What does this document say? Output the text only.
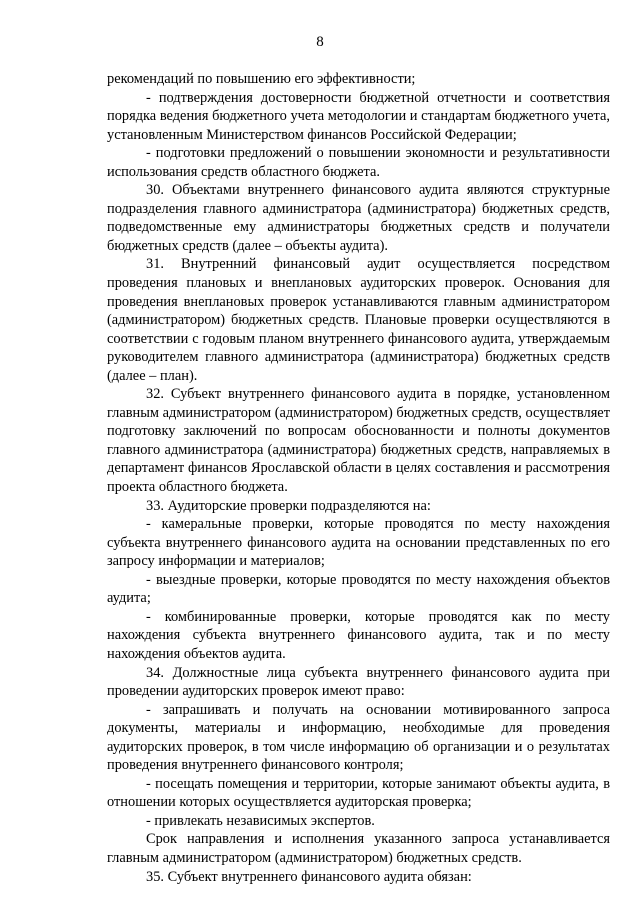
8

рекомендаций по повышению его эффективности;

- подтверждения достоверности бюджетной отчетности и соответствия порядка ведения бюджетного учета методологии и стандартам бюджетного учета, установленным Министерством финансов Российской Федерации;

- подготовки предложений о повышении экономности и результативности использования средств областного бюджета.

30. Объектами внутреннего финансового аудита являются структурные подразделения главного администратора (администратора) бюджетных средств, подведомственные ему администраторы бюджетных средств и получатели бюджетных средств (далее – объекты аудита).

31. Внутренний финансовый аудит осуществляется посредством проведения плановых и внеплановых аудиторских проверок. Основания для проведения внеплановых проверок устанавливаются главным администратором (администратором) бюджетных средств. Плановые проверки осуществляются в соответствии с годовым планом внутреннего финансового аудита, утверждаемым руководителем главного администратора (администратора) бюджетных средств (далее – план).

32. Субъект внутреннего финансового аудита в порядке, установленном главным администратором (администратором) бюджетных средств, осуществляет подготовку заключений по вопросам обоснованности и полноты документов главного администратора (администратора) бюджетных средств, направляемых в департамент финансов Ярославской области в целях составления и рассмотрения проекта областного бюджета.

33. Аудиторские проверки подразделяются на:

- камеральные проверки, которые проводятся по месту нахождения субъекта внутреннего финансового аудита на основании представленных по его запросу информации и материалов;

- выездные проверки, которые проводятся по месту нахождения объектов аудита;

- комбинированные проверки, которые проводятся как по месту нахождения субъекта внутреннего финансового аудита, так и по месту нахождения объектов аудита.

34. Должностные лица субъекта внутреннего финансового аудита при проведении аудиторских проверок имеют право:

- запрашивать и получать на основании мотивированного запроса документы, материалы и информацию, необходимые для проведения аудиторских проверок, в том числе информацию об организации и о результатах проведения внутреннего финансового контроля;

- посещать помещения и территории, которые занимают объекты аудита, в отношении которых осуществляется аудиторская проверка;

- привлекать независимых экспертов.

Срок направления и исполнения указанного запроса устанавливается главным администратором (администратором) бюджетных средств.

35. Субъект внутреннего финансового аудита обязан:
